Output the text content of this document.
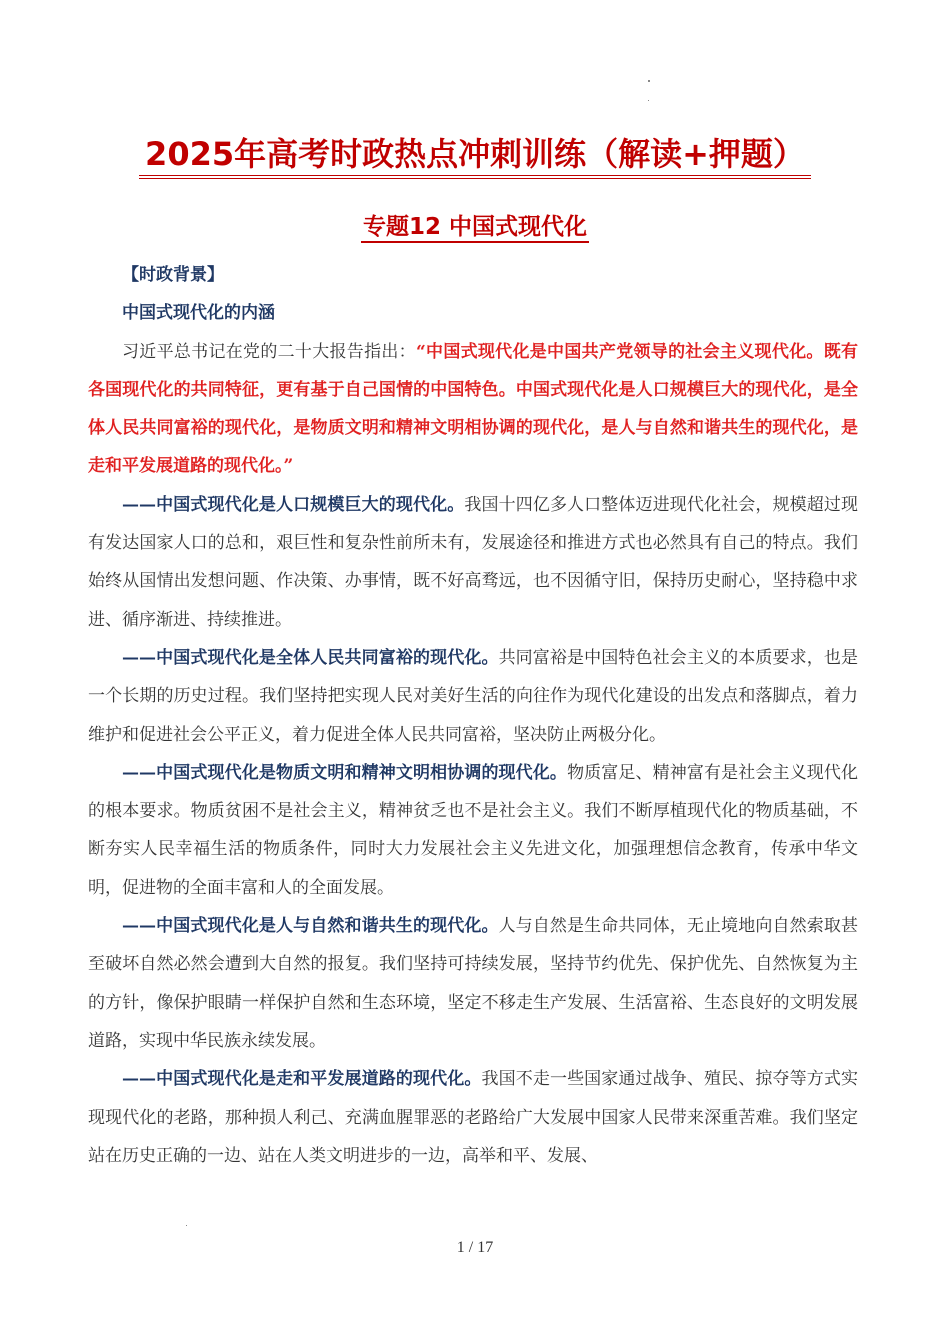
2025年高考时政热点冲刺训练（解读+押题）
专题12 中国式现代化

【时政背景】

中国式现代化的内涵

习近平总书记在党的二十大报告指出：“中国式现代化是中国共产党领导的社会主义现代化。既有各国现代化的共同特征，更有基于自己国情的中国特色。中国式现代化是人口规模巨大的现代化，是全体人民共同富裕的现代化，是物质文明和精神文明相协调的现代化，是人与自然和谐共生的现代化，是走和平发展道路的现代化。”

——中国式现代化是人口规模巨大的现代化。我国十四亿多人口整体迈进现代化社会，规模超过现有发达国家人口的总和，艰巨性和复杂性前所未有，发展途径和推进方式也必然具有自己的特点。我们始终从国情出发想问题、作决策、办事情，既不好高骛远，也不因循守旧，保持历史耐心，坚持稳中求进、循序渐进、持续推进。

——中国式现代化是全体人民共同富裕的现代化。共同富裕是中国特色社会主义的本质要求，也是一个长期的历史过程。我们坚持把实现人民对美好生活的向往作为现代化建设的出发点和落脚点，着力维护和促进社会公平正义，着力促进全体人民共同富裕，坚决防止两极分化。

——中国式现代化是物质文明和精神文明相协调的现代化。物质富足、精神富有是社会主义现代化的根本要求。物质贫困不是社会主义，精神贫乏也不是社会主义。我们不断厚植现代化的物质基础，不断夯实人民幸福生活的物质条件，同时大力发展社会主义先进文化，加强理想信念教育，传承中华文明，促进物的全面丰富和人的全面发展。

——中国式现代化是人与自然和谐共生的现代化。人与自然是生命共同体，无止境地向自然索取甚至破坏自然必然会遭到大自然的报复。我们坚持可持续发展，坚持节约优先、保护优先、自然恢复为主的方针，像保护眼睛一样保护自然和生态环境，坚定不移走生产发展、生活富裕、生态良好的文明发展道路，实现中华民族永续发展。

——中国式现代化是走和平发展道路的现代化。我国不走一些国家通过战争、殖民、掠夺等方式实现现代化的老路，那种损人利己、充满血腥罪恶的老路给广大发展中国家人民带来深重苦难。我们坚定站在历史正确的一边、站在人类文明进步的一边，高举和平、发展、

1 / 17
